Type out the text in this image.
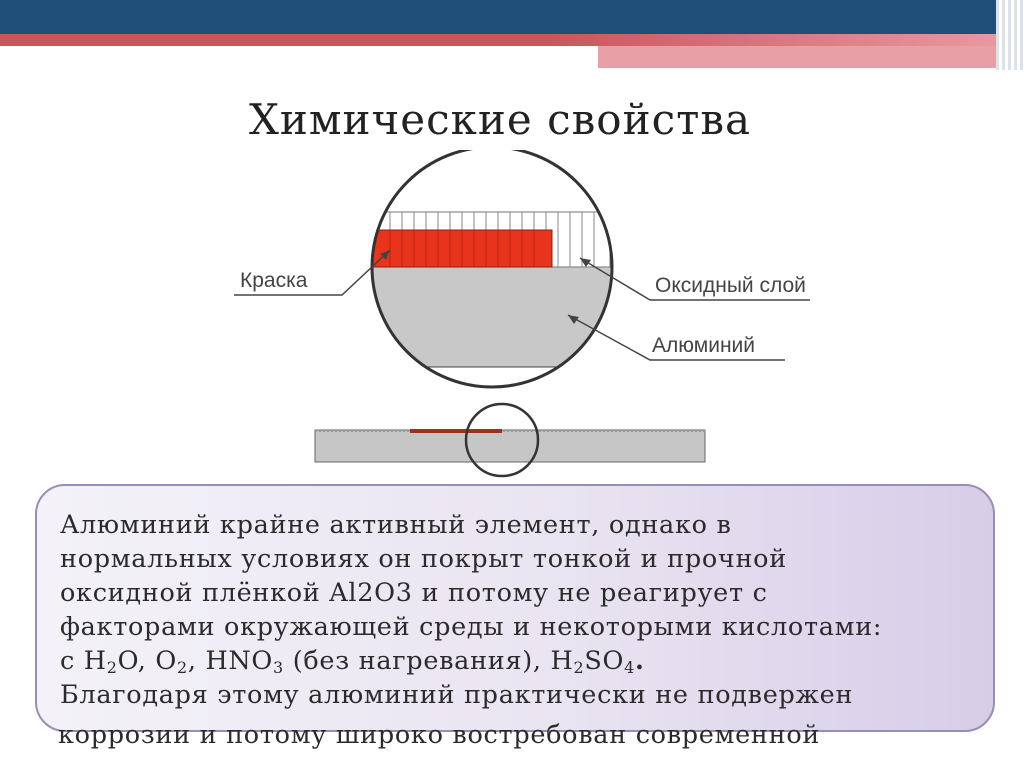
Химические свойства
Краска	Оксидный слой
Алюминий

Алюминий крайне активный элемент, однако в

нормальных условиях он покрыт тонкой и прочной

оксидной плёнкой Al2O3 и потому не реагирует с

факторами окружающей среды и некоторыми кислотами:

с $H_2O$, $O_2$, $HNO_3$ (без нагревания), $H_2SO_4$.

Благодаря этому алюминий практически не подвержен

коррозии и потому широко востребован современной
